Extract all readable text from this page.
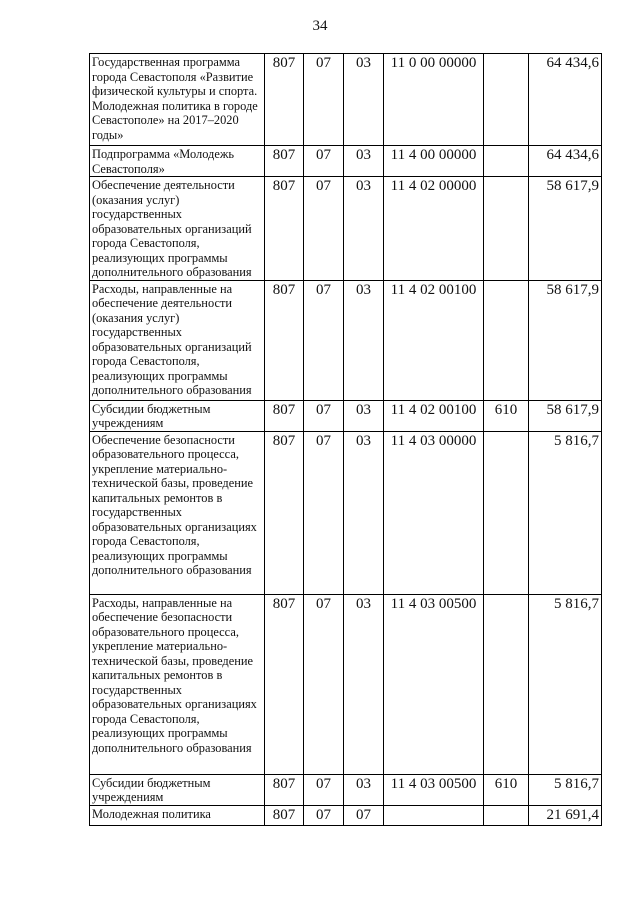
34
Государственная программа города Севастополя «Развитие физической культуры и спорта. Молодежная политика в городе Севастополе» на 2017–2020 годы»	807	07	03	11 0 00 00000		64 434,6
Подпрограмма «Молодежь Севастополя»	807	07	03	11 4 00 00000		64 434,6
Обеспечение деятельности (оказания услуг) государственных образовательных организаций города Севастополя, реализующих программы дополнительного образования	807	07	03	11 4 02 00000		58 617,9
Расходы, направленные на обеспечение деятельности (оказания услуг) государственных образовательных организаций города Севастополя, реализующих программы дополнительного образования	807	07	03	11 4 02 00100		58 617,9
Субсидии бюджетным учреждениям	807	07	03	11 4 02 00100	610	58 617,9
Обеспечение безопасности образовательного процесса, укрепление материально-технической базы, проведение капитальных ремонтов в государственных образовательных организациях города Севастополя, реализующих программы дополнительного образования	807	07	03	11 4 03 00000		5 816,7
Расходы, направленные на обеспечение безопасности образовательного процесса, укрепление материально-технической базы, проведение капитальных ремонтов в государственных образовательных организациях города Севастополя, реализующих программы дополнительного образования	807	07	03	11 4 03 00500		5 816,7
Субсидии бюджетным учреждениям	807	07	03	11 4 03 00500	610	5 816,7
Молодежная политика	807	07	07			21 691,4
